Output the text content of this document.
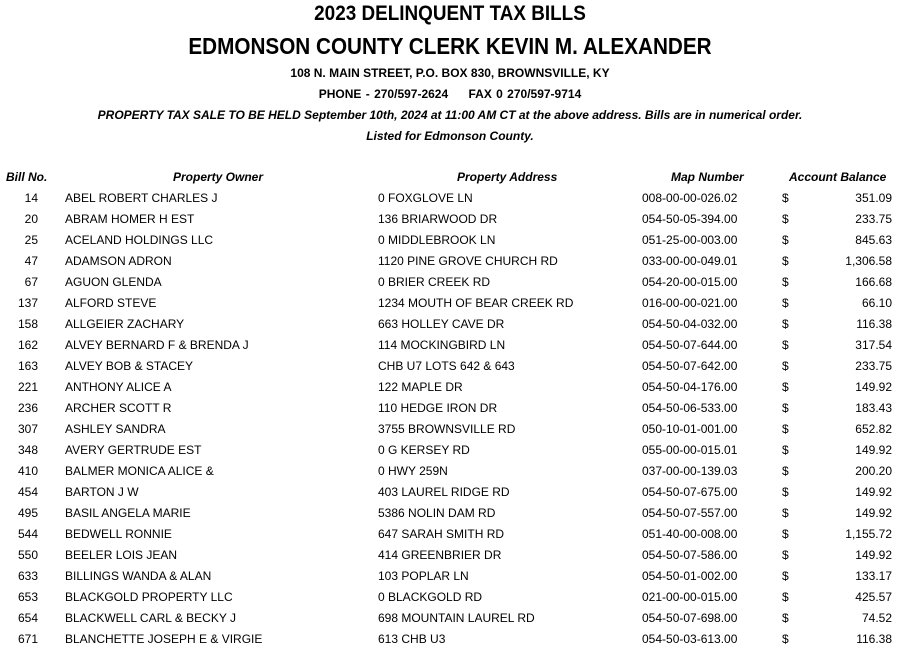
2023 DELINQUENT TAX BILLS
EDMONSON COUNTY CLERK KEVIN M. ALEXANDER
108 N. MAIN STREET, P.O. BOX 830, BROWNSVILLE, KY
PHONE - 270/597-2624 FAX 0 270/597-9714
PROPERTY TAX SALE TO BE HELD September 10th, 2024 at 11:00 AM CT at the above address. Bills are in numerical order.
Listed for Edmonson County.
Bill No.	Property Owner	Property Address	Map Number	Account Balance
14 ABEL ROBERT CHARLES J	0 FOXGLOVE LN	008-00-00-026.02	$	351.09
20 ABRAM HOMER H EST	136 BRIARWOOD DR	054-50-05-394.00	$	233.75
25 ACELAND HOLDINGS LLC	0 MIDDLEBROOK LN	051-25-00-003.00	$	845.63
47 ADAMSON ADRON	1120 PINE GROVE CHURCH RD	033-00-00-049.01	$	1,306.58
67 AGUON GLENDA	0 BRIER CREEK RD	054-20-00-015.00	$	166.68
137 ALFORD STEVE	1234 MOUTH OF BEAR CREEK RD	016-00-00-021.00	$	66.10
158 ALLGEIER ZACHARY	663 HOLLEY CAVE DR	054-50-04-032.00	$	116.38
162 ALVEY BERNARD F & BRENDA J	114 MOCKINGBIRD LN	054-50-07-644.00	$	317.54
163 ALVEY BOB & STACEY	CHB U7 LOTS 642 & 643	054-50-07-642.00	$	233.75
221 ANTHONY ALICE A	122 MAPLE DR	054-50-04-176.00	$	149.92
236 ARCHER SCOTT R	110 HEDGE IRON DR	054-50-06-533.00	$	183.43
307 ASHLEY SANDRA	3755 BROWNSVILLE RD	050-10-01-001.00	$	652.82
348 AVERY GERTRUDE EST	0 G KERSEY RD	055-00-00-015.01	$	149.92
410 BALMER MONICA ALICE &	0 HWY 259N	037-00-00-139.03	$	200.20
454 BARTON J W	403 LAUREL RIDGE RD	054-50-07-675.00	$	149.92
495 BASIL ANGELA MARIE	5386 NOLIN DAM RD	054-50-07-557.00	$	149.92
544 BEDWELL RONNIE	647 SARAH SMITH RD	051-40-00-008.00	$	1,155.72
550 BEELER LOIS JEAN	414 GREENBRIER DR	054-50-07-586.00	$	149.92
633 BILLINGS WANDA & ALAN	103 POPLAR LN	054-50-01-002.00	$	133.17
653 BLACKGOLD PROPERTY LLC	0 BLACKGOLD RD	021-00-00-015.00	$	425.57
654 BLACKWELL CARL & BECKY J	698 MOUNTAIN LAUREL RD	054-50-07-698.00	$	74.52
671 BLANCHETTE JOSEPH E & VIRGIE	613 CHB U3	054-50-03-613.00	$	116.38
